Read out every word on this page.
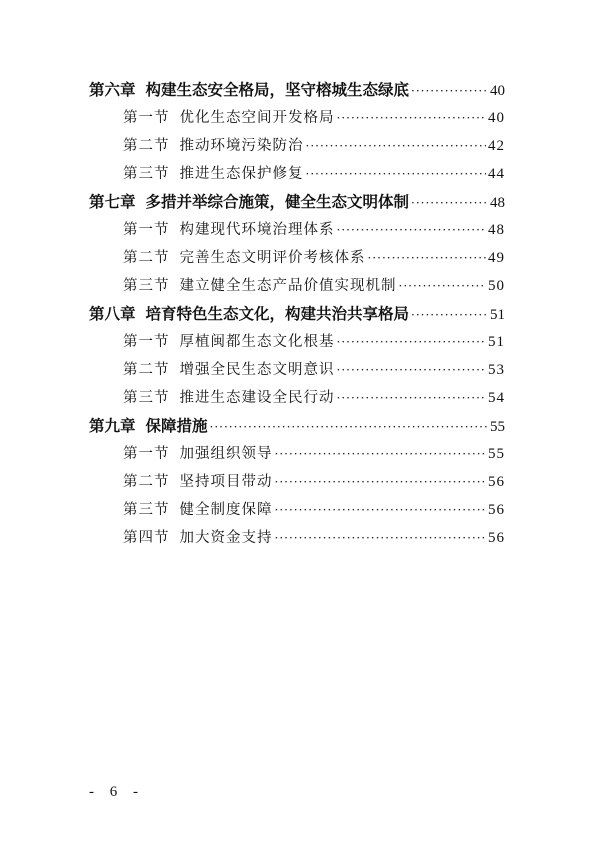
第六章 构建生态安全格局，坚守榕城生态绿底 ·····	40
第一节 优化生态空间开发格局 ·····	40
第二节 推动环境污染防治 ·····	42
第三节 推进生态保护修复 ·····	44
第七章 多措并举综合施策，健全生态文明体制 ·····	48
第一节 构建现代环境治理体系 ·····	48
第二节 完善生态文明评价考核体系 ·····	49
第三节 建立健全生态产品价值实现机制 ·····	50
第八章 培育特色生态文化，构建共治共享格局 ·····	51
第一节 厚植闽都生态文化根基 ·····	51
第二节 增强全民生态文明意识 ·····	53
第三节 推进生态建设全民行动 ·····	54
第九章 保障措施 ·····	55
第一节 加强组织领导 ·····	55
第二节 坚持项目带动 ·····	56
第三节 健全制度保障 ·····	56
第四节 加大资金支持 ·····	56
- 6 -
